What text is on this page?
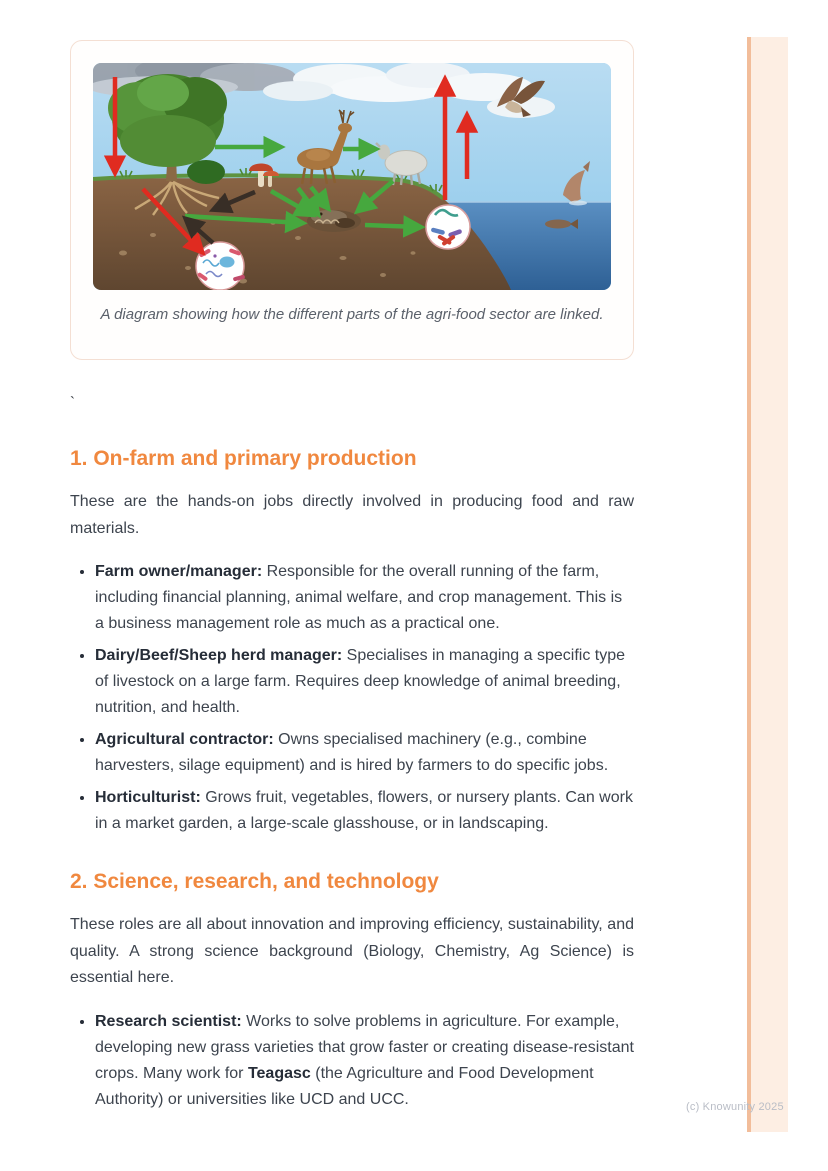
(c) Knowunity 2025
A diagram showing how the different parts of the agri-food sector are linked.
`
1. On-farm and primary production

These are the hands-on jobs directly involved in producing food and raw materials.

• Farm owner/manager: Responsible for the overall running of the farm, including financial planning, animal welfare, and crop management. This is a business management role as much as a practical one.
• Dairy/Beef/Sheep herd manager: Specialises in managing a specific type of livestock on a large farm. Requires deep knowledge of animal breeding, nutrition, and health.
• Agricultural contractor: Owns specialised machinery (e.g., combine harvesters, silage equipment) and is hired by farmers to do specific jobs.
• Horticulturist: Grows fruit, vegetables, flowers, or nursery plants. Can work in a market garden, a large-scale glasshouse, or in landscaping.
2. Science, research, and technology

These roles are all about innovation and improving efficiency, sustainability, and quality. A strong science background (Biology, Chemistry, Ag Science) is essential here.

• Research scientist: Works to solve problems in agriculture. For example, developing new grass varieties that grow faster or creating disease-resistant crops. Many work for Teagasc (the Agriculture and Food Development Authority) or universities like UCD and UCC.
